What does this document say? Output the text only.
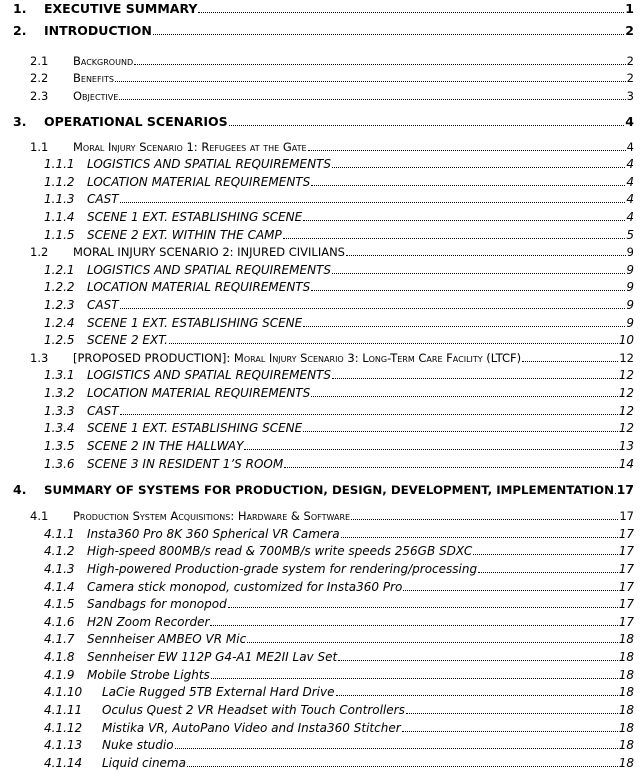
1. EXECUTIVE SUMMARY	1
2. INTRODUCTION	2
2.1 Background	2
2.2 Benefits	2
2.3 Objective	3
3. OPERATIONAL SCENARIOS	4
1.1 Moral Injury Scenario 1: Refugees at the Gate	4
1.1.1 LOGISTICS AND SPATIAL REQUIREMENTS	4
1.1.2 LOCATION MATERIAL REQUIREMENTS	4
1.1.3 CAST	4
1.1.4 SCENE 1 EXT. ESTABLISHING SCENE	4
1.1.5 SCENE 2 EXT. WITHIN THE CAMP	5
1.2 MORAL INJURY SCENARIO 2: INJURED CIVILIANS	9
1.2.1 LOGISTICS AND SPATIAL REQUIREMENTS	9
1.2.2 LOCATION MATERIAL REQUIREMENTS	9
1.2.3 CAST	9
1.2.4 SCENE 1 EXT. ESTABLISHING SCENE	9
1.2.5 SCENE 2 EXT.	10
1.3 [PROPOSED PRODUCTION]: Moral Injury Scenario 3: Long-Term Care Facility (LTCF)	12
1.3.1 LOGISTICS AND SPATIAL REQUIREMENTS	12
1.3.2 LOCATION MATERIAL REQUIREMENTS	12
1.3.3 CAST	12
1.3.4 SCENE 1 EXT. ESTABLISHING SCENE	12
1.3.5 SCENE 2 IN THE HALLWAY	13
1.3.6 SCENE 3 IN RESIDENT 1’S ROOM	14
4. SUMMARY OF SYSTEMS FOR PRODUCTION, DESIGN, DEVELOPMENT, IMPLEMENTATION 17
4.1 Production System Acquisitions: Hardware & Software	17
4.1.1 Insta360 Pro 8K 360 Spherical VR Camera	17
4.1.2 High-speed 800MB/s read & 700MB/s write speeds 256GB SDXC	17
4.1.3 High-powered Production-grade system for rendering/processing	17
4.1.4 Camera stick monopod, customized for Insta360 Pro	17
4.1.5 Sandbags for monopod	17
4.1.6 H2N Zoom Recorder	17
4.1.7 Sennheiser AMBEO VR Mic	18
4.1.8 Sennheiser EW 112P G4-A1 ME2II Lav Set	18
4.1.9 Mobile Strobe Lights	18
4.1.10 LaCie Rugged 5TB External Hard Drive	18
4.1.11 Oculus Quest 2 VR Headset with Touch Controllers	18
4.1.12 Mistika VR, AutoPano Video and Insta360 Stitcher	18
4.1.13 Nuke studio	18
4.1.14 Liquid cinema	18
